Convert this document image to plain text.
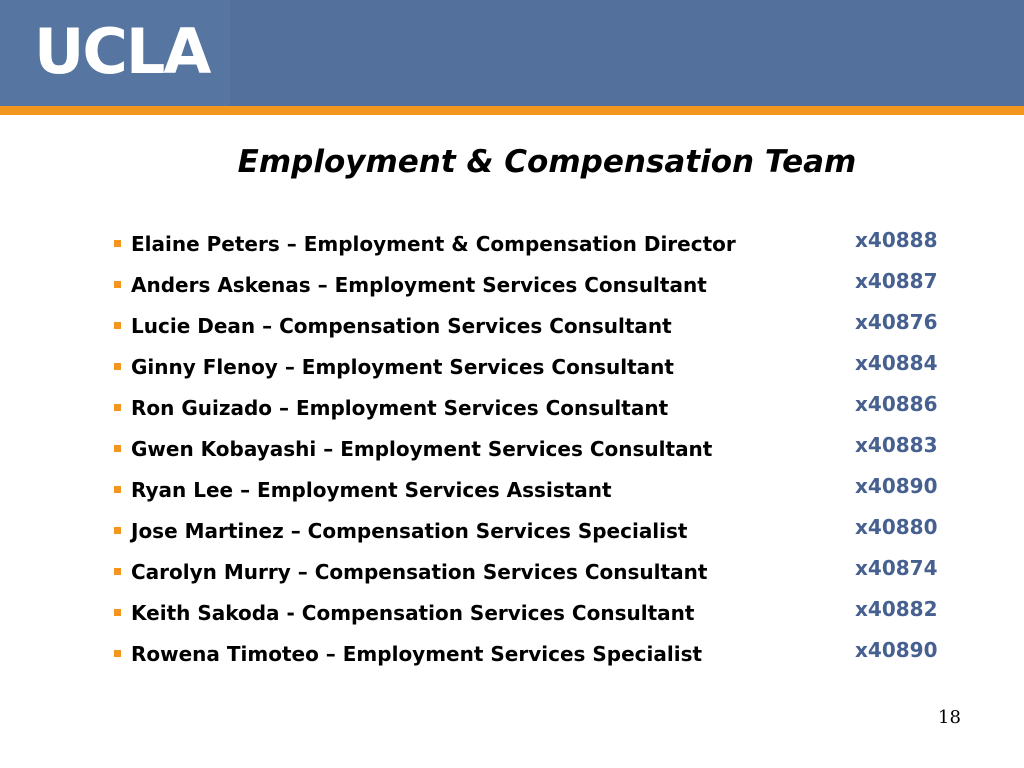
UCLA
Employment & Compensation Team
Elaine Peters – Employment & Compensation Director	x40888
Anders Askenas – Employment Services Consultant	x40887
Lucie Dean – Compensation Services Consultant	x40876
Ginny Flenoy – Employment Services Consultant	x40884
Ron Guizado – Employment Services Consultant	x40886
Gwen Kobayashi – Employment Services Consultant	x40883
Ryan Lee – Employment Services Assistant	x40890
Jose Martinez – Compensation Services Specialist	x40880
Carolyn Murry – Compensation Services Consultant	x40874
Keith Sakoda - Compensation Services Consultant	x40882
Rowena Timoteo – Employment Services Specialist	x40890
18
